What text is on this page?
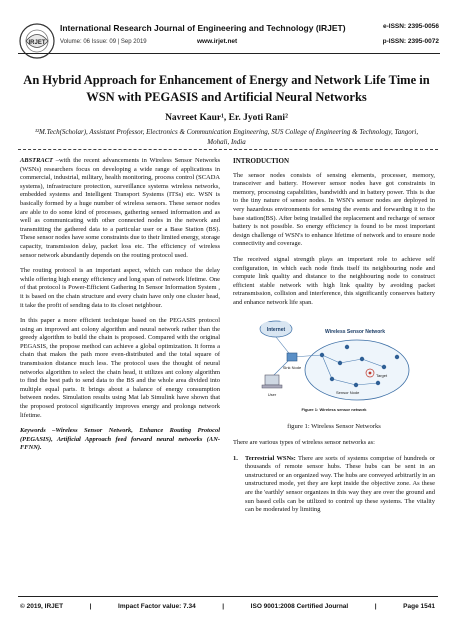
IRJET
International Research Journal of Engineering and Technology (IRJET)
Volume: 06 Issue: 09 | Sep 2019	www.irjet.net
e-ISSN: 2395-0056
p-ISSN: 2395-0072
An Hybrid Approach for Enhancement of Energy and Network Life Time in WSN with PEGASIS and Artificial Neural Networks
Navreet Kaur¹, Er. Jyoti Rani²
¹²M.Tech(Scholar), Assistant Professor, Electronics & Communication Engineering, SUS College of Engineering & Technology, Tangori, Mohali, India

ABSTRACT –with the recent advancements in Wireless Sensor Networks (WSNs) researchers focus on developing a wide range of applications in commercial, industrial, military, health monitoring, process control (SCADA systems), infrastructure protection, surveillance systems wireless networks, embedded systems and Intelligent Transport Systems (ITSs) etc. WSN is basically formed by a huge number of wireless sensors. These sensor nodes are able to do some kind of processes, gathering sensed information and as well as communicating with other connected nodes in the network and transmitting the gathered data to a particular user or a Base Station (BS). These sensor nodes have some constraints due to their limited energy, storage capacity, transmission delay, packet loss etc. The efficiency of wireless sensor network abundantly depends on the routing protocol used.

The routing protocol is an important aspect, which can reduce the delay while offering high energy efficiency and long span of network lifetime. One of that protocol is Power-Efficient Gathering In Sensor Information System , it is based on the chain structure and every chain have only one cluster head, it take the profit of sending data to its closet neighbour.

In this paper a more efficient technique based on the PEGASIS protocol using an improved ant colony algorithm and neural network rather than the greedy algorithm to build the chain is proposed. Compared with the original PEGASIS, the propose method can achieve a global optimization. It forms a chain that makes the path more even-distributed and the total square of transmission distance much less. The protocol uses the thought of neural networks algorithm to select the chain head, it utilizes ant colony algorithm to find the best path to send data to the BS and the whole area divided into multiple equal parts. It brings about a balance of energy consumption between nodes. Simulation results using Mat lab Simulink have shown that the proposed protocol significantly improves energy and prolongs network lifetime.

Keywords –Wireless Sensor Network, Enhance Routing Protocol (PEGASIS), Artificial Approach feed forward neural networks (AN-FFNN).

INTRODUCTION

The sensor nodes consists of sensing elements, processer, memory, transceiver and battery. However sensor nodes have got constraints in memory, processing capabilities, bandwidth and in battery power. This is due to the tiny nature of sensor nodes. In WSN's sensor nodes are deployed in very hazardous environments for sensing the events and forwarding it to the base station(BS). After being installed the replacement and recharge of sensor battery is not possible. So energy efficiency is found to be most important design challenge of WSN's to enhance lifetime of network and to ensure node connectivity and coverage.

The received signal strength plays an important role to achieve self configuration, in which each node finds itself its neighbouring node and compute link quality and distance to the neighbouring node to construct efficient stable network with high link quality by avoiding packet retransmission, collision and interference, this significantly conserves battery and enhance network life span.

Internet	Wireless Sensor Network
Sink Node
User
Target
Sensor Node
Figure 1: Wireless sensor network
figure 1: Wireless Sensor Networks

There are various types of wireless sensor networks as:

1.	Terrestrial WSNs: There are sorts of systems comprise of hundreds or thousands of remote sensor hubs. These hubs can be sent in an unstructured or an organized way. The hubs are conveyed arbitrarily in an unstructured mode, yet they are kept inside the objective zone. As these are the 'earthly' sensor organizes in this way they are over the ground and sun based cells can be utilized to control up these systems. The vitality can be moderated by limiting
© 2019, IRJET	|	Impact Factor value: 7.34	|	ISO 9001:2008 Certified Journal	|	Page 1541
